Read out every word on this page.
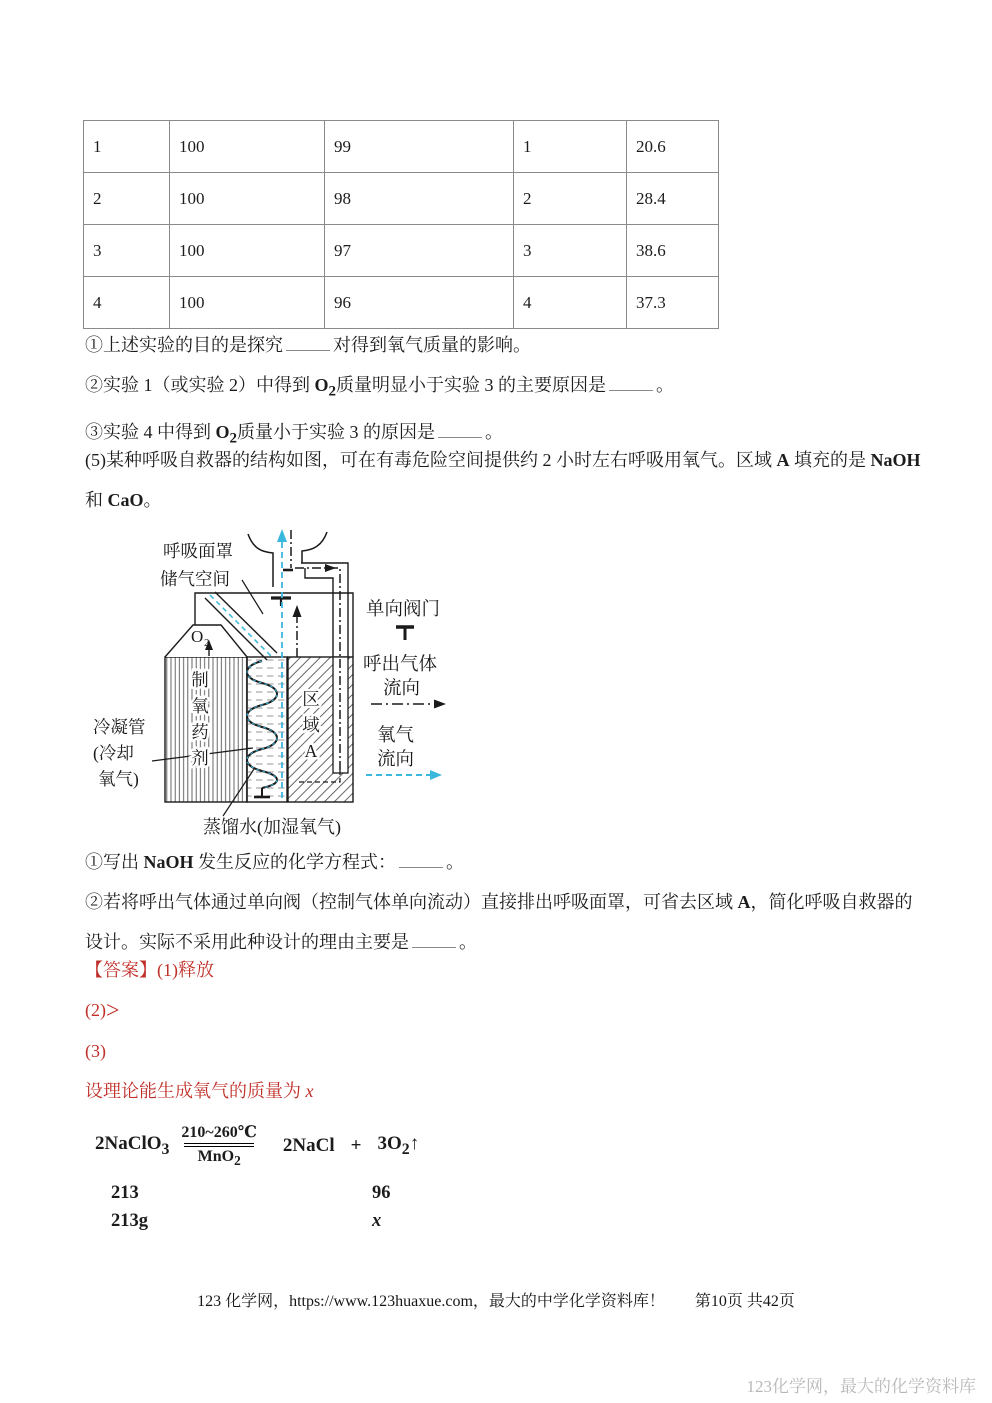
1	100	99	1	20.6
2	100	98	2	28.4
3	100	97	3	38.6
4	100	96	4	37.3
①上述实验的目的是探究	对得到氧气质量的影响。
②实验 1（或实验 2）中得到 $O_2$质量明显小于实验 3 的主要原因是	。
③实验 4 中得到 $O_2$质量小于实验 3 的原因是	。
(5)某种呼吸自救器的结构如图，可在有毒危险空间提供约 2 小时左右呼吸用氧气。区域 A 填充的是 NaOH
和 CaO。
呼吸面罩
储气空间
O 2
制
氧
药
剂
区
域
A
冷凝管
(冷却
氧气)
蒸馏水(加湿氧气)
单向阀门
呼出气体
流向
氧气
流向
①写出 NaOH 发生反应的化学方程式：	。
②若将呼出气体通过单向阀（控制气体单向流动）直接排出呼吸面罩，可省去区域 A，简化呼吸自救器的
设计。实际不采用此种设计的理由主要是	。
【答案】(1)释放
(2)>
(3)
设理论能生成氧气的质量为 x
2NaClO$_3$ $\frac{210\sim 260℃}{MnO_2}$ 2NaCl + $3O_2↑$
213	96
213g	x
123 化学网，https://www.123huaxue.com，最大的中学化学资料库！ 第10页 共42页
123化学网，最大的化学资料库
